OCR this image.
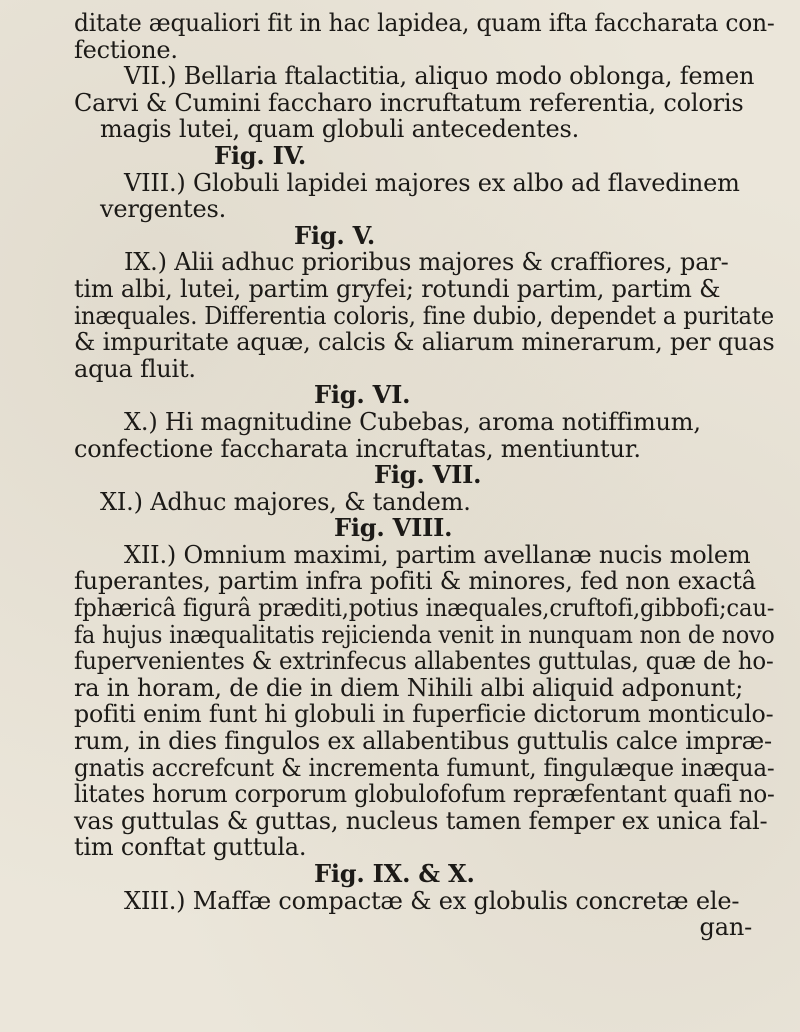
ditate æqualiori fit in hac lapidea, quam ifta faccharata con-
fectione.
VII.) Bellaria ftalactitia, aliquo modo oblonga, femen
Carvi & Cumini faccharo incruftatum referentia, coloris
magis lutei, quam globuli antecedentes.
Fig. IV.
VIII.) Globuli lapidei majores ex albo ad flavedinem
vergentes.
Fig. V.
IX.) Alii adhuc prioribus majores & craffiores, par-
tim albi, lutei, partim gryfei; rotundi partim, partim &
inæquales. Differentia coloris, fine dubio, dependet a puritate
& impuritate aquæ, calcis & aliarum minerarum, per quas
aqua fluit.
Fig. VI.
X.) Hi magnitudine Cubebas, aroma notiffimum,
confectione faccharata incruftatas, mentiuntur.
Fig. VII.
XI.) Adhuc majores, & tandem.
Fig. VIII.
XII.) Omnium maximi, partim avellanæ nucis molem
fuperantes, partim infra pofiti & minores, fed non exactâ
fphæricâ figurâ præditi,potius inæquales,cruftofi,gibbofi;cau-
fa hujus inæqualitatis rejicienda venit in nunquam non de novo
fupervenientes & extrinfecus allabentes guttulas, quæ de ho-
ra in horam, de die in diem Nihili albi aliquid adponunt;
pofiti enim funt hi globuli in fuperficie dictorum monticulo-
rum, in dies fingulos ex allabentibus guttulis calce impræ-
gnatis accrefcunt & incrementa fumunt, fingulæque inæqua-
litates horum corporum globulofofum repræfentant quafi no-
vas guttulas & guttas, nucleus tamen femper ex unica fal-
tim conftat guttula.
Fig. IX. & X.
XIII.) Maffæ compactæ & ex globulis concretæ ele-
gan-
